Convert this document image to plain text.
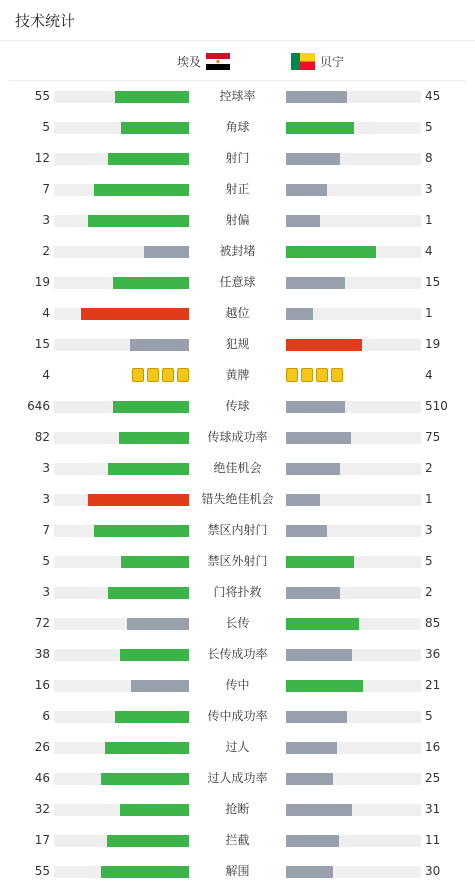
技术统计
埃及	贝宁
55	控球率	45
5	角球	5
12	射门	8
7	射正	3
3	射偏	1
2	被封堵	4
19	任意球	15
4	越位	1
15	犯规	19
4	黄牌	4
646	传球	510
82	传球成功率	75
3	绝佳机会	2
3	错失绝佳机会	1
7	禁区内射门	3
5	禁区外射门	5
3	门将扑救	2
72	长传	85
38	长传成功率	36
16	传中	21
6	传中成功率	5
26	过人	16
46	过人成功率	25
32	抢断	31
17	拦截	11
55	解围	30
